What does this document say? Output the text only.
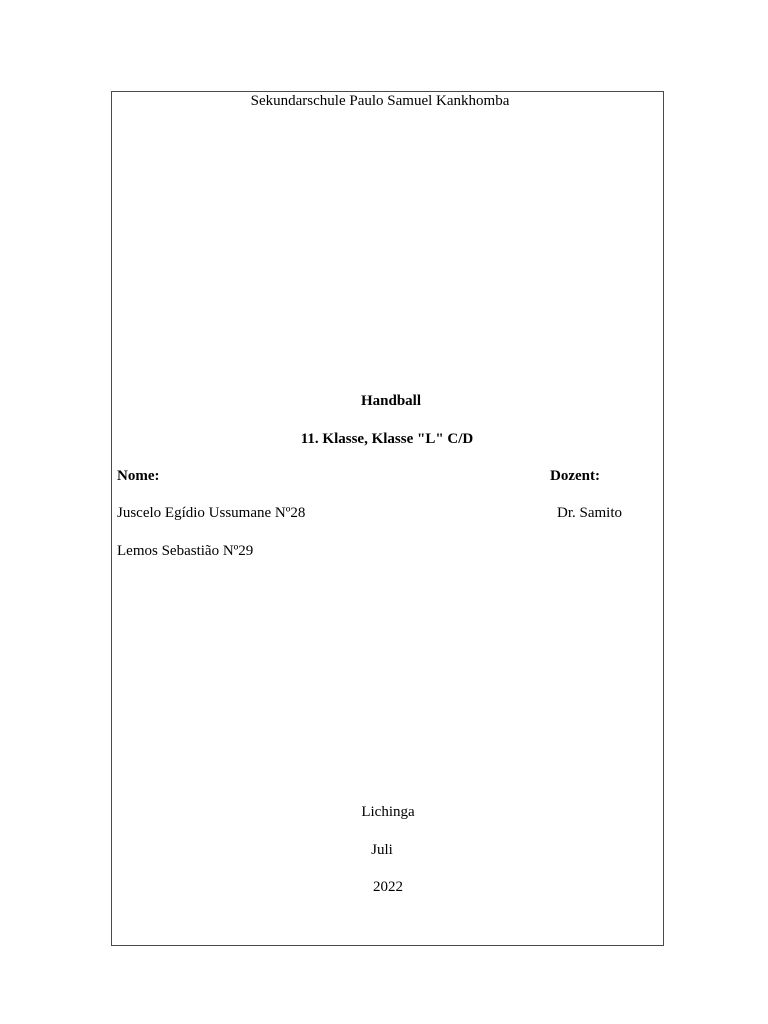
Sekundarschule Paulo Samuel Kankhomba
Handball
11. Klasse, Klasse "L" C/D
Nome:	Dozent:
Juscelo Egídio Ussumane Nº28	Dr. Samito
Lemos Sebastião Nº29
Lichinga
Juli
2022
